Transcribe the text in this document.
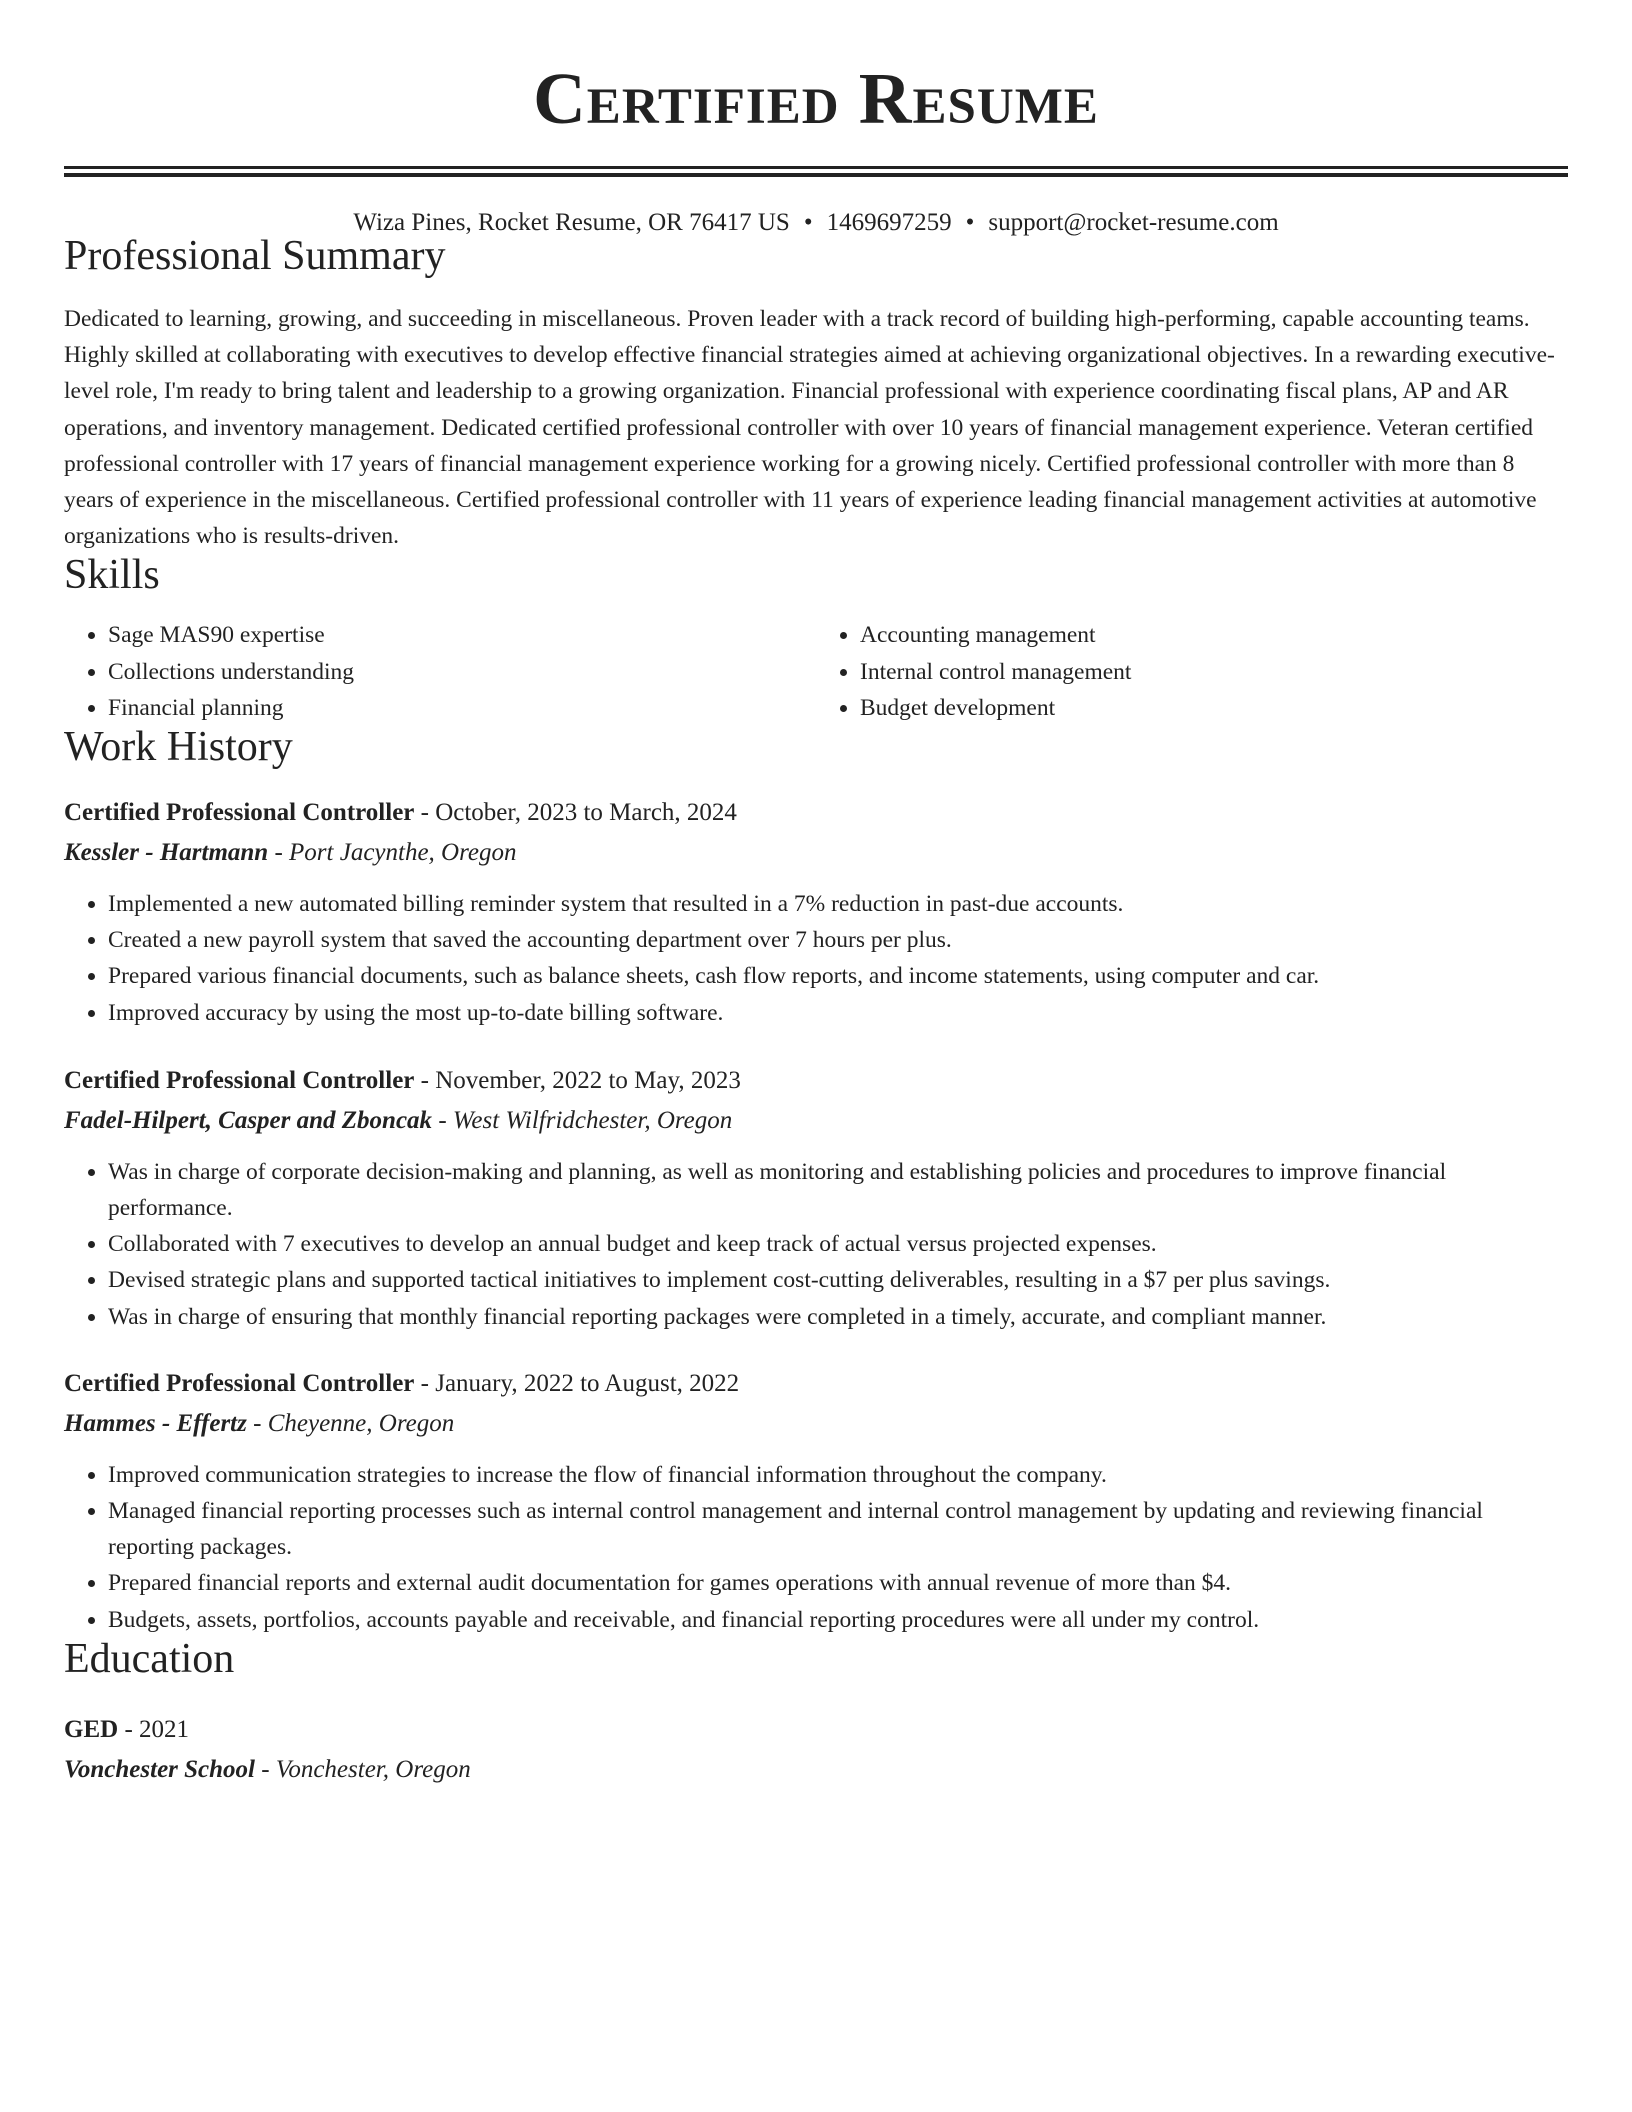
Certified Resume
Wiza Pines, Rocket Resume, OR 76417 US • 1469697259 • support@rocket-resume.com
Professional Summary
Dedicated to learning, growing, and succeeding in miscellaneous. Proven leader with a track record of building high-performing, capable accounting teams. Highly skilled at collaborating with executives to develop effective financial strategies aimed at achieving organizational objectives. In a rewarding executive-level role, I'm ready to bring talent and leadership to a growing organization. Financial professional with experience coordinating fiscal plans, AP and AR operations, and inventory management. Dedicated certified professional controller with over 10 years of financial management experience. Veteran certified professional controller with 17 years of financial management experience working for a growing nicely. Certified professional controller with more than 8 years of experience in the miscellaneous. Certified professional controller with 11 years of experience leading financial management activities at automotive organizations who is results-driven.
Skills
• Sage MAS90 expertise
• Collections understanding
• Financial planning
• Accounting management
• Internal control management
• Budget development
Work History
Certified Professional Controller - October, 2023 to March, 2024
Kessler - Hartmann - Port Jacynthe, Oregon
• Implemented a new automated billing reminder system that resulted in a 7% reduction in past-due accounts.
• Created a new payroll system that saved the accounting department over 7 hours per plus.
• Prepared various financial documents, such as balance sheets, cash flow reports, and income statements, using computer and car.
• Improved accuracy by using the most up-to-date billing software.
Certified Professional Controller - November, 2022 to May, 2023
Fadel-Hilpert, Casper and Zboncak - West Wilfridchester, Oregon
• Was in charge of corporate decision-making and planning, as well as monitoring and establishing policies and procedures to improve financial performance.
• Collaborated with 7 executives to develop an annual budget and keep track of actual versus projected expenses.
• Devised strategic plans and supported tactical initiatives to implement cost-cutting deliverables, resulting in a $7 per plus savings.
• Was in charge of ensuring that monthly financial reporting packages were completed in a timely, accurate, and compliant manner.
Certified Professional Controller - January, 2022 to August, 2022
Hammes - Effertz - Cheyenne, Oregon
• Improved communication strategies to increase the flow of financial information throughout the company.
• Managed financial reporting processes such as internal control management and internal control management by updating and reviewing financial reporting packages.
• Prepared financial reports and external audit documentation for games operations with annual revenue of more than $4.
• Budgets, assets, portfolios, accounts payable and receivable, and financial reporting procedures were all under my control.
Education
GED - 2021
Vonchester School - Vonchester, Oregon
